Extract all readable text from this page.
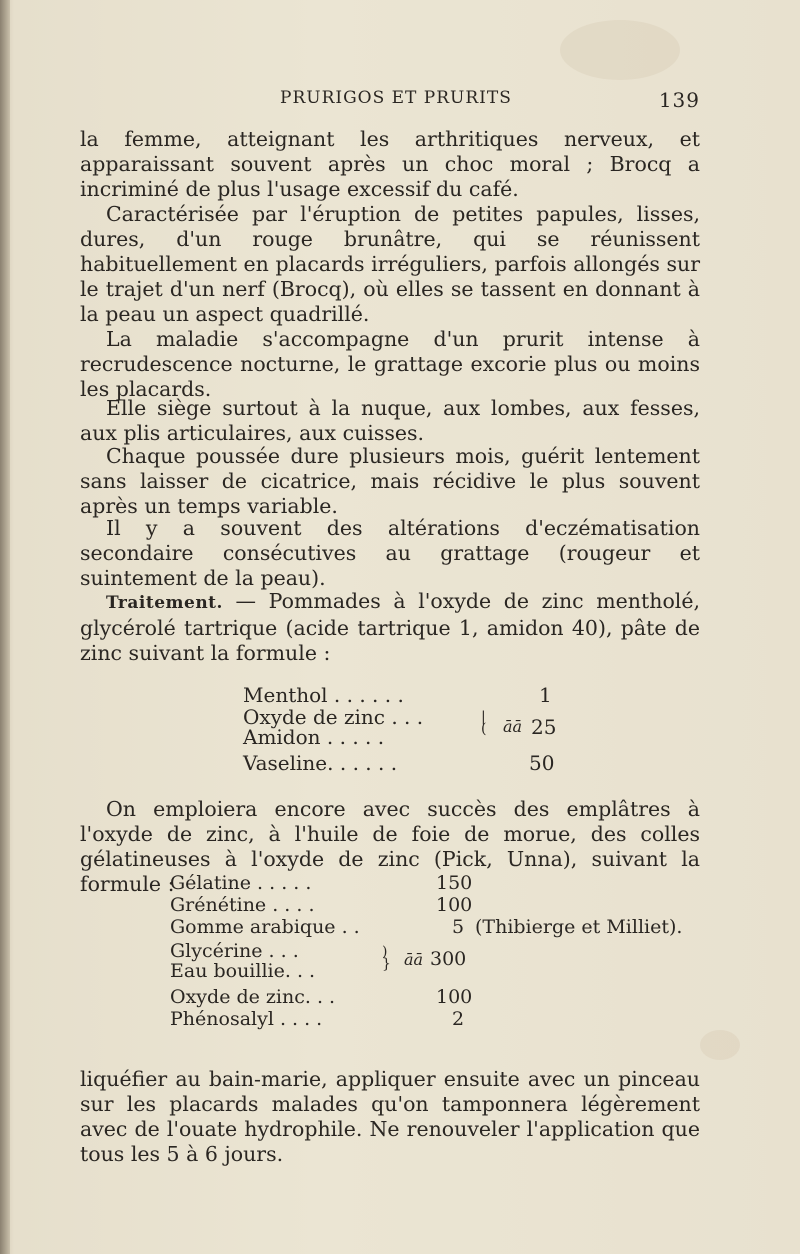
PRURIGOS ET PRURITS	139

la femme, atteignant les arthritiques nerveux, et apparaissant souvent après un choc moral ; Brocq a incriminé de plus l'usage excessif du café.

Caractérisée par l'éruption de petites papules, lisses, dures, d'un rouge brunâtre, qui se réunissent habituellement en placards irréguliers, parfois allongés sur le trajet d'un nerf (Brocq), où elles se tassent en donnant à la peau un aspect quadrillé.

La maladie s'accompagne d'un prurit intense à recrudescence nocturne, le grattage excorie plus ou moins les placards.

Elle siège surtout à la nuque, aux lombes, aux fesses, aux plis articulaires, aux cuisses.

Chaque poussée dure plusieurs mois, guérit lentement sans laisser de cicatrice, mais récidive le plus souvent après un temps variable.

Il y a souvent des altérations d'eczématisation secondaire consécutives au grattage (rougeur et suintement de la peau).

Traitement. — Pommades à l'oxyde de zinc mentholé, glycérolé tartrique (acide tartrique 1, amidon 40), pâte de zinc suivant la formule :

Menthol . . . . . .	1
Oxyde de zinc . . .
Amidon . . . . .
|
( āā 25
Vaseline. . . . . .	50

On emploiera encore avec succès des emplâtres à l'oxyde de zinc, à l'huile de foie de morue, des colles gélatineuses à l'oxyde de zinc (Pick, Unna), suivant la formule :

Gélatine . . . . .	150
Grénétine . . . .	100
Gomme arabique . .	5 (Thibierge et Milliet).
Glycérine . . .
Eau bouillie. . .
)
} āā 300
Oxyde de zinc. . .	100
Phénosalyl . . . .	2

liquéfier au bain-marie, appliquer ensuite avec un pinceau sur les placards malades qu'on tamponnera légèrement avec de l'ouate hydrophile. Ne renouveler l'application que tous les 5 à 6 jours.
